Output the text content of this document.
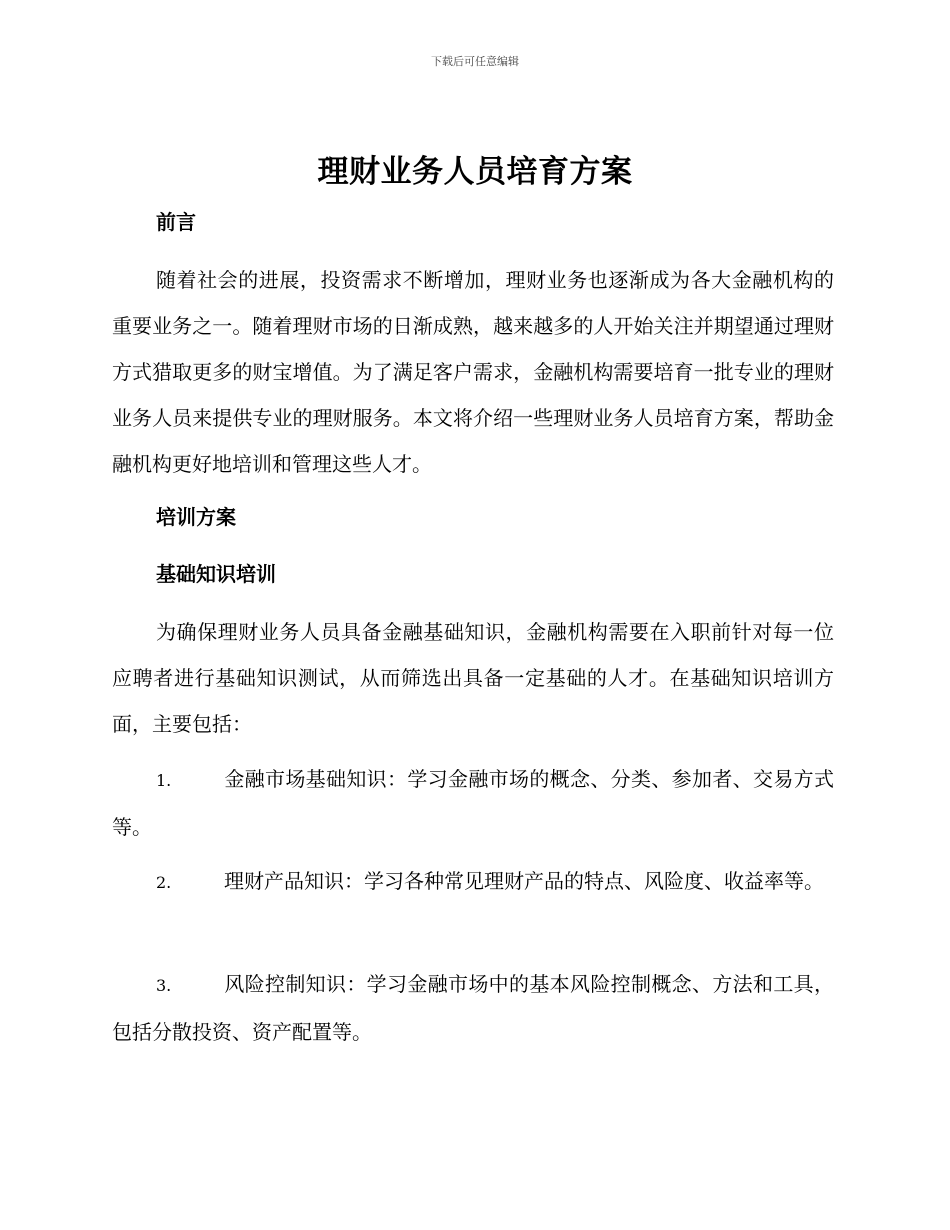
下载后可任意编辑
理财业务人员培育方案
前言

随着社会的进展，投资需求不断增加，理财业务也逐渐成为各大金融机构的重要业务之一。随着理财市场的日渐成熟，越来越多的人开始关注并期望通过理财方式猎取更多的财宝增值。为了满足客户需求，金融机构需要培育一批专业的理财业务人员来提供专业的理财服务。本文将介绍一些理财业务人员培育方案，帮助金融机构更好地培训和管理这些人才。

培训方案
基础知识培训

为确保理财业务人员具备金融基础知识，金融机构需要在入职前针对每一位应聘者进行基础知识测试，从而筛选出具备一定基础的人才。在基础知识培训方面，主要包括：

1.	金融市场基础知识：学习金融市场的概念、分类、参加者、交易方式等。

2.	理财产品知识：学习各种常见理财产品的特点、风险度、收益率等。

3.	风险控制知识：学习金融市场中的基本风险控制概念、方法和工具，包括分散投资、资产配置等。
